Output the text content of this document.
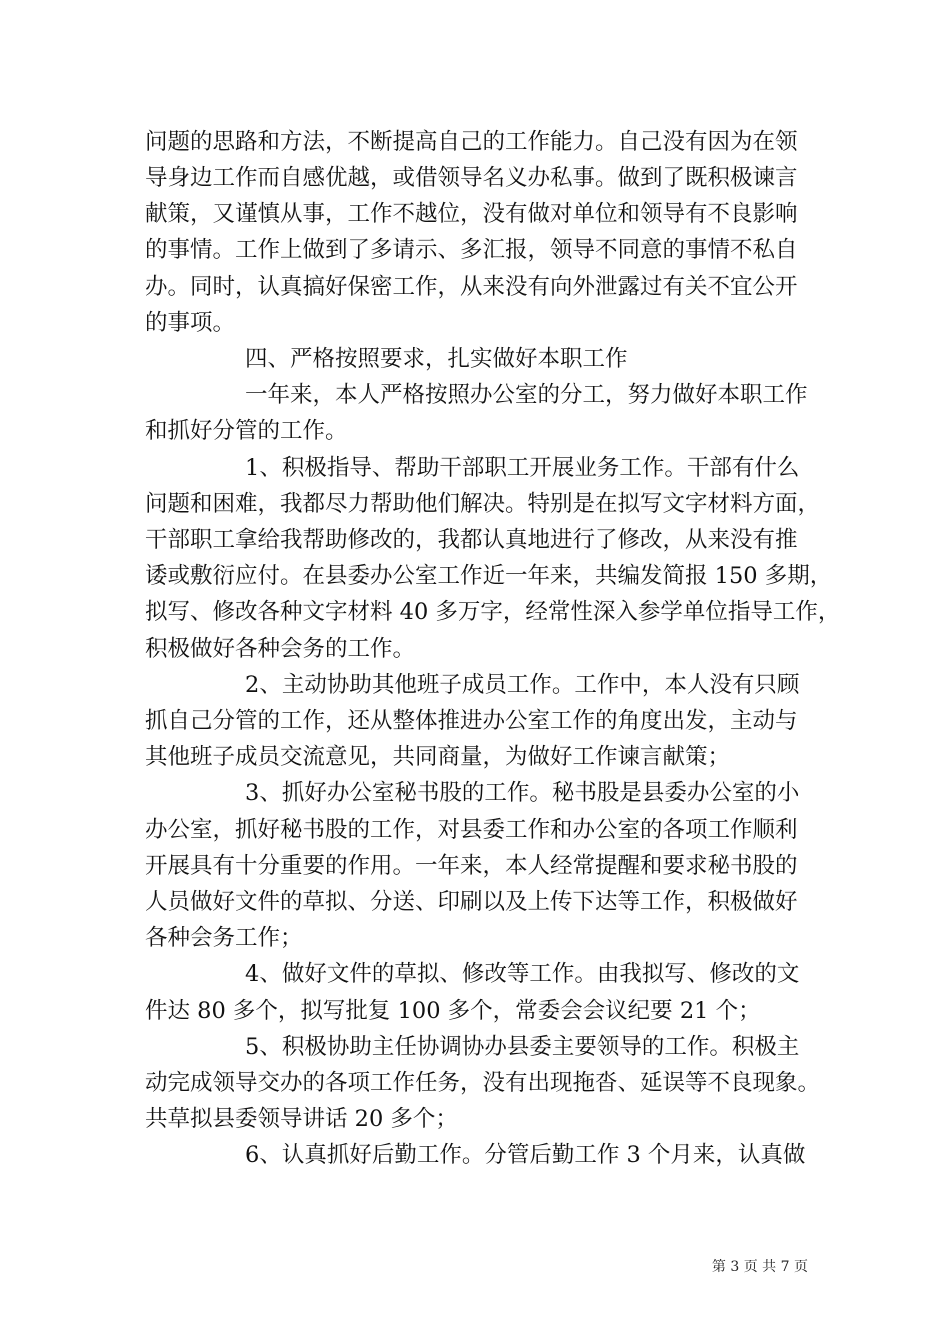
问题的思路和方法，不断提高自己的工作能力。自己没有因为在领
导身边工作而自感优越，或借领导名义办私事。做到了既积极谏言
献策，又谨慎从事，工作不越位，没有做对单位和领导有不良影响
的事情。工作上做到了多请示、多汇报，领导不同意的事情不私自
办。同时，认真搞好保密工作，从来没有向外泄露过有关不宜公开
的事项。
四、严格按照要求，扎实做好本职工作
一年来，本人严格按照办公室的分工，努力做好本职工作
和抓好分管的工作。
1、积极指导、帮助干部职工开展业务工作。干部有什么
问题和困难，我都尽力帮助他们解决。特别是在拟写文字材料方面，
干部职工拿给我帮助修改的，我都认真地进行了修改，从来没有推
诿或敷衍应付。在县委办公室工作近一年来，共编发简报 150 多期，
拟写、修改各种文字材料 40 多万字，经常性深入参学单位指导工作，
积极做好各种会务的工作。
2、主动协助其他班子成员工作。工作中，本人没有只顾
抓自己分管的工作，还从整体推进办公室工作的角度出发，主动与
其他班子成员交流意见，共同商量，为做好工作谏言献策；
3、抓好办公室秘书股的工作。秘书股是县委办公室的小
办公室，抓好秘书股的工作，对县委工作和办公室的各项工作顺利
开展具有十分重要的作用。一年来，本人经常提醒和要求秘书股的
人员做好文件的草拟、分送、印刷以及上传下达等工作，积极做好
各种会务工作；
4、做好文件的草拟、修改等工作。由我拟写、修改的文
件达 80 多个，拟写批复 100 多个，常委会会议纪要 21 个；
5、积极协助主任协调协办县委主要领导的工作。积极主
动完成领导交办的各项工作任务，没有出现拖沓、延误等不良现象。
共草拟县委领导讲话 20 多个；
6、认真抓好后勤工作。分管后勤工作 3 个月来，认真做
第 3 页 共 7 页
